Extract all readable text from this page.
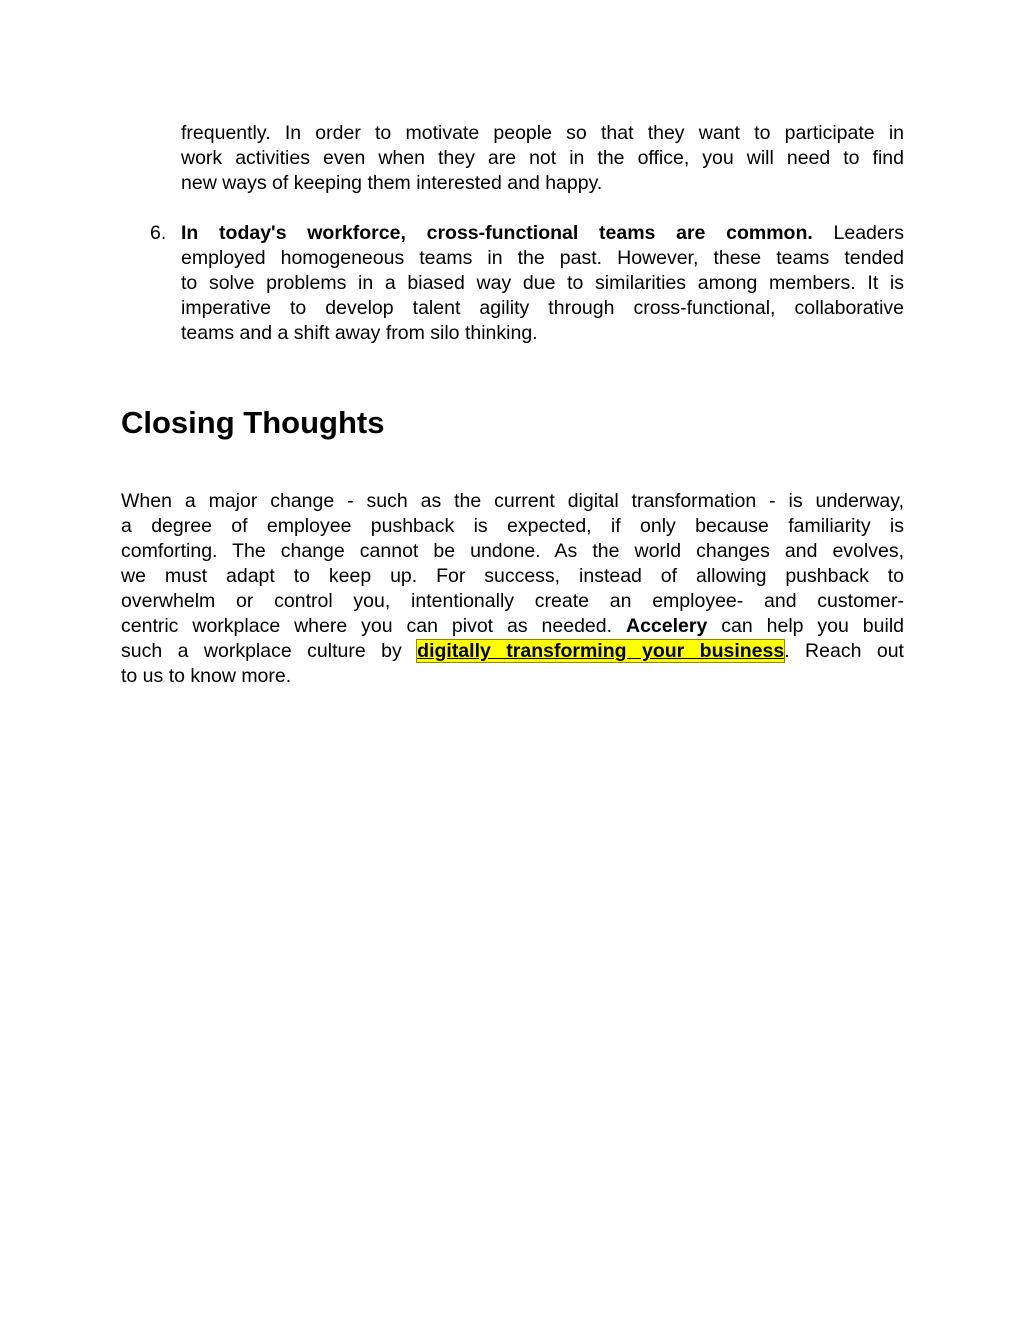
frequently. In order to motivate people so that they want to participate in
work activities even when they are not in the office, you will need to find
new ways of keeping them interested and happy.
6. In today's workforce, cross-functional teams are common. Leaders
employed homogeneous teams in the past. However, these teams tended
to solve problems in a biased way due to similarities among members. It is
imperative to develop talent agility through cross-functional, collaborative
teams and a shift away from silo thinking.
Closing Thoughts
When a major change - such as the current digital transformation - is underway,
a degree of employee pushback is expected, if only because familiarity is
comforting. The change cannot be undone. As the world changes and evolves,
we must adapt to keep up. For success, instead of allowing pushback to
overwhelm or control you, intentionally create an employee- and customer-
centric workplace where you can pivot as needed. Accelery can help you build
such a workplace culture by digitally transforming your business. Reach out
to us to know more.
